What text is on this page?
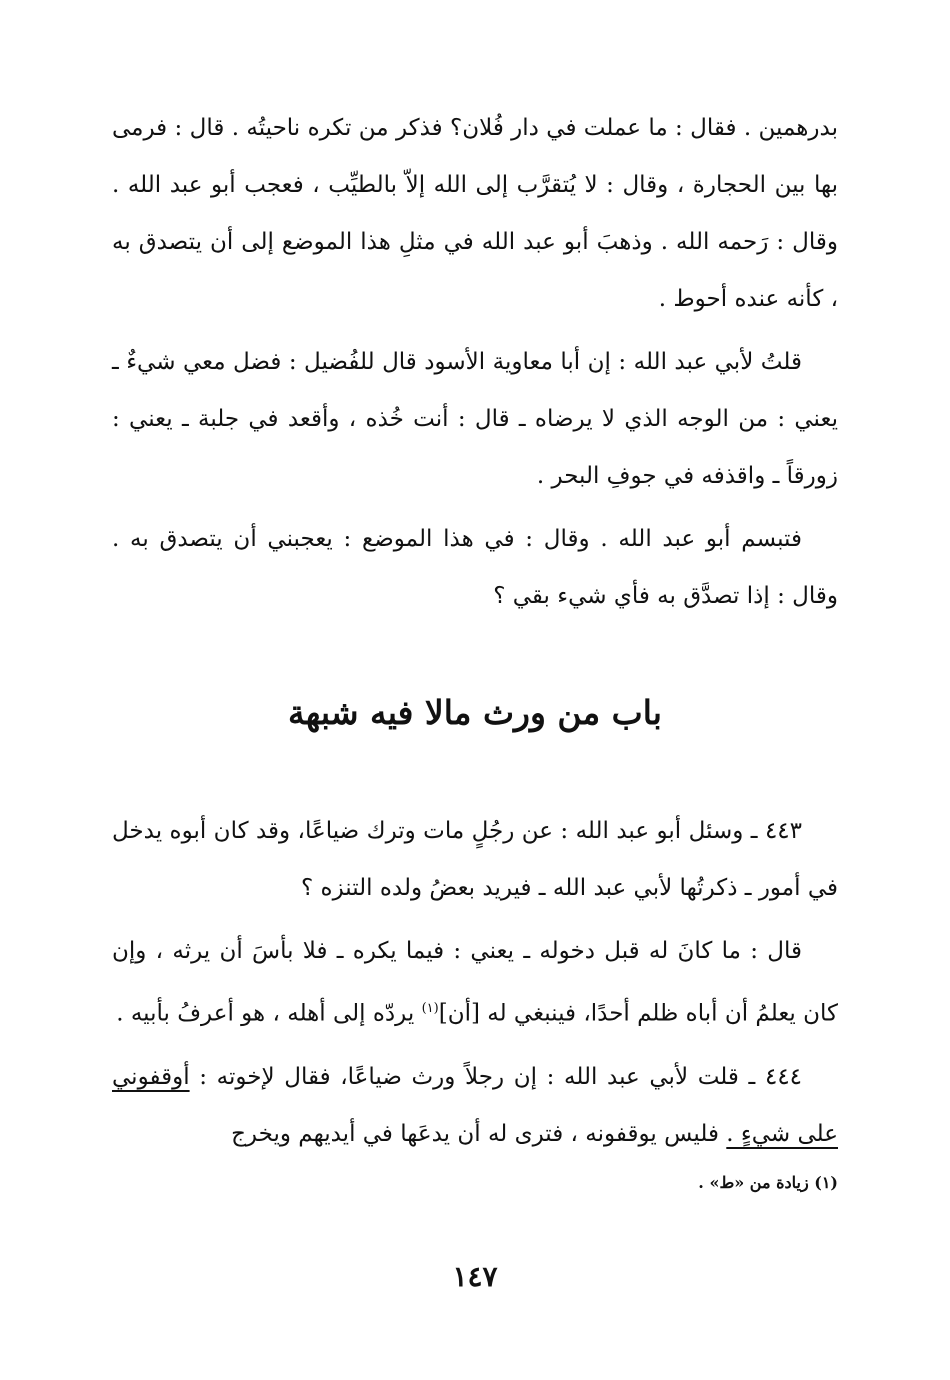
بدرهمين . فقال : ما عملت في دار فُلان؟ فذكر من تكره ناحيتُه . قال : فرمى بها بين الحجارة ، وقال : لا يُتقرَّب إلى الله إلاّ بالطيِّب ، فعجب أبو عبد الله . وقال : رَحمه الله . وذهبَ أبو عبد الله في مثلِ هذا الموضع إلى أن يتصدق به ، كأنه عنده أحوط .

قلتُ لأبي عبد الله : إن أبا معاوية الأسود قال للفُضيل : فضل معي شيءٌ ـ يعني : من الوجه الذي لا يرضاه ـ قال : أنت خُذه ، وأقعد في جلبة ـ يعني : زورقاً ـ واقذفه في جوفِ البحر .

فتبسم أبو عبد الله . وقال : في هذا الموضع : يعجبني أن يتصدق به . وقال : إذا تصدَّق به فأي شيء بقي ؟

باب من ورث مالا فيه شبهة

٤٤٣ ـ وسئل أبو عبد الله : عن رجُلٍ مات وترك ضياعًا، وقد كان أبوه يدخل في أمور ـ ذكرتُها لأبي عبد الله ـ فيريد بعضُ ولده التنزه ؟

قال : ما كانَ له قبل دخوله ـ يعني : فيما يكره ـ فلا بأسَ أن يرثه ، وإن كان يعلمُ أن أباه ظلم أحدًا، فينبغي له [أن]$^{(١)}$ يردّه إلى أهله ، هو أعرفُ بأبيه .

٤٤٤ ـ قلت لأبي عبد الله : إن رجلاً ورث ضياعًا، فقال لإخوته : أوقفوني على شيءٍ . فليس يوقفونه ، فترى له أن يدعَها في أيديهم ويخرج

(١) زيادة من «ط» .
١٤٧
